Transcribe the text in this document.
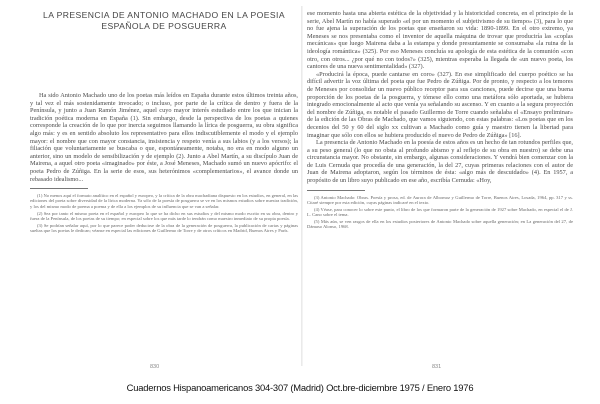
LA PRESENCIA DE ANTONIO MACHADO EN LA POESIA
ESPAÑOLA DE POSGUERRA

Ha sido Antonio Machado uno de los poetas más leídos en España durante estos últimos treinta años, y tal vez el más sostenidamente invocado; o incluso, por parte de la crítica de dentro y fuera de la Península, y junto a Juan Ramón Jiménez, aquel cuyo mayor interés estudiado entre los que inician la tradición poética moderna en España (1). Sin embargo, desde la perspectiva de los poetas a quienes corresponde la creación de lo que por inercia seguimos llamando la lírica de posguerra, su obra significa algo más: y es en sentido absoluto los representativo para ellos indiscutiblemente el modo y el ejemplo mayor: el nombre que con mayor constancia, insistencia y respeto venía a sus labios (y a los versos); la filiación que voluntariamente se buscaba o que, espontáneamente, notaba, no era en modo alguno un anterior, sino un modelo de sensibilización y de ejemplo (2). Junto a Abel Martín, a su discípulo Juan de Mairena, a aquel otro poeta «imaginado» por éste, a José Meneses, Machado sumó un nuevo apócrifo: el poeta Pedro de Zúñiga. En la serie de esos, sus heterónimos «complementarios», el avance donde un rebasado idealismo...

(1) No menos aquí el formato analítico en el español y europeo, y la crítica de la obra machadiana dispuesto en los estudios, en general, en las ediciones del poeta sobre diversidad de la lírica moderna. Ya sólo de la poesía de posguerra se ve en los mismos estudios sobre nuestra tradición, y los del mismo modo de poema a poema y de ella a los ejemplos de su influencia que se van a señalar.

(2) Sea por tanto el mismo poeta en el español y europeo lo que se ha dicho en sus estudios y del mismo modo escrito en su obra, dentro y fuera de la Península, de los poetas de su tiempo; en especial sobre los que más tarde lo tendrán como maestro inmediato de su propia poesía.

(3) Se podrían señalar aquí, por lo que parece poder deducirse de la obra de la generación de posguerra, la publicación de cartas y páginas sueltas que los poetas le dedican; véanse en especial las ediciones de Guillermo de Torre y de otros críticos en Madrid, Buenos Aires y París.

ese momento hasta una abierta estética de la objetividad y la historicidad concreta, en el principio de la serie, Abel Martín no había superado «el por un momento el subjetivismo de su tiempo» (3), para lo que no fue ajena la superación de los poetas que enseñaron su vida: 1890-1899. En el otro extremo, ya Meneses se nos presentaba como el inventor de aquella máquina de trovar que produciría las «coplas mecánicas» que luego Mairena daba a la estampa y donde presuntamente se consumaba «la ruina de la ideología romántica» (325). Por eso Meneses concluía su apología de esta estética de la comunión «con otro, con otros... ¿por qué no con todos?» (325), mientras esperaba la llegada de «un nuevo poeta, los cantores de una nueva sentimentalidad» (327).

«Producirá la época, puede cantarse en coro» (327). En ese simplificado del cuerpo poético se ha difícil advertir la voz última del poeta que fue Pedro de Zúñiga. Por de pronto, y respecto a los temores de Meneses por consolidar un nuevo público receptor para sus canciones, puede decirse que una buena proporción de los poetas de la posguerra, y tómese ello como una metáfora sólo aportada, se hubiera integrado emocionalmente al acto que venía ya señalando su ascenso. Y en cuanto a la segura proyección del nombre de Zúñiga, es notable el pasado Guillermo de Torre cuando señalaba el «Ensayo preliminar» de la edición de las Obras de Machado, que vamos siguiendo, con estas palabras: «Los poetas que en los decenios del 50 y 60 del siglo xx cultivan a Machado como guía y maestro tienen la libertad para imaginar que sólo con ellos se hubiera producido el nuevo de Pedro de Zúñiga» [16].

La presencia de Antonio Machado en la poesía de estos años es un hecho de tan rotundos perfiles que, a su peso general (lo que no obsta al profundo abismo y al reflejo de su obra en nuestro) se debe una circunstancia mayor. No obstante, sin embargo, algunas consideraciones. Y vendrá bien comenzar con la de Luis Cernuda que procedía de una generación, la del 27, cuyas primeras relaciones con el autor de Juan de Mairena adoptaron, según los términos de ésta: «algo más de descuidado» (4). En 1957, a propósito de un libro suyo publicado en ese año, escribía Cernuda: «Hoy,

(3) Antonio Machado: Obras. Poesía y prosa, ed. de Aurora de Albornoz y Guillermo de Torre, Buenos Aires, Losada, 1964, pp. 317 y ss. Citaré siempre por esta edición, cuyas páginas indicaré en el texto.

(4) Véase, para conocer lo sobre este punto, el libro de los que formaron parte de la generación de 1927 sobre Machado, en especial el de J. L. Cano sobre el tema.

(5) Más aún, se ven rasgos de ella en los estudios posteriores de Antonio Machado sobre aquella generación; en La generación del 27, de Dámaso Alonso, 1968.

830	831
Cuadernos Hispanoamericanos 304-307 (Madrid) Oct.bre-diciembre 1975 / Enero 1976
